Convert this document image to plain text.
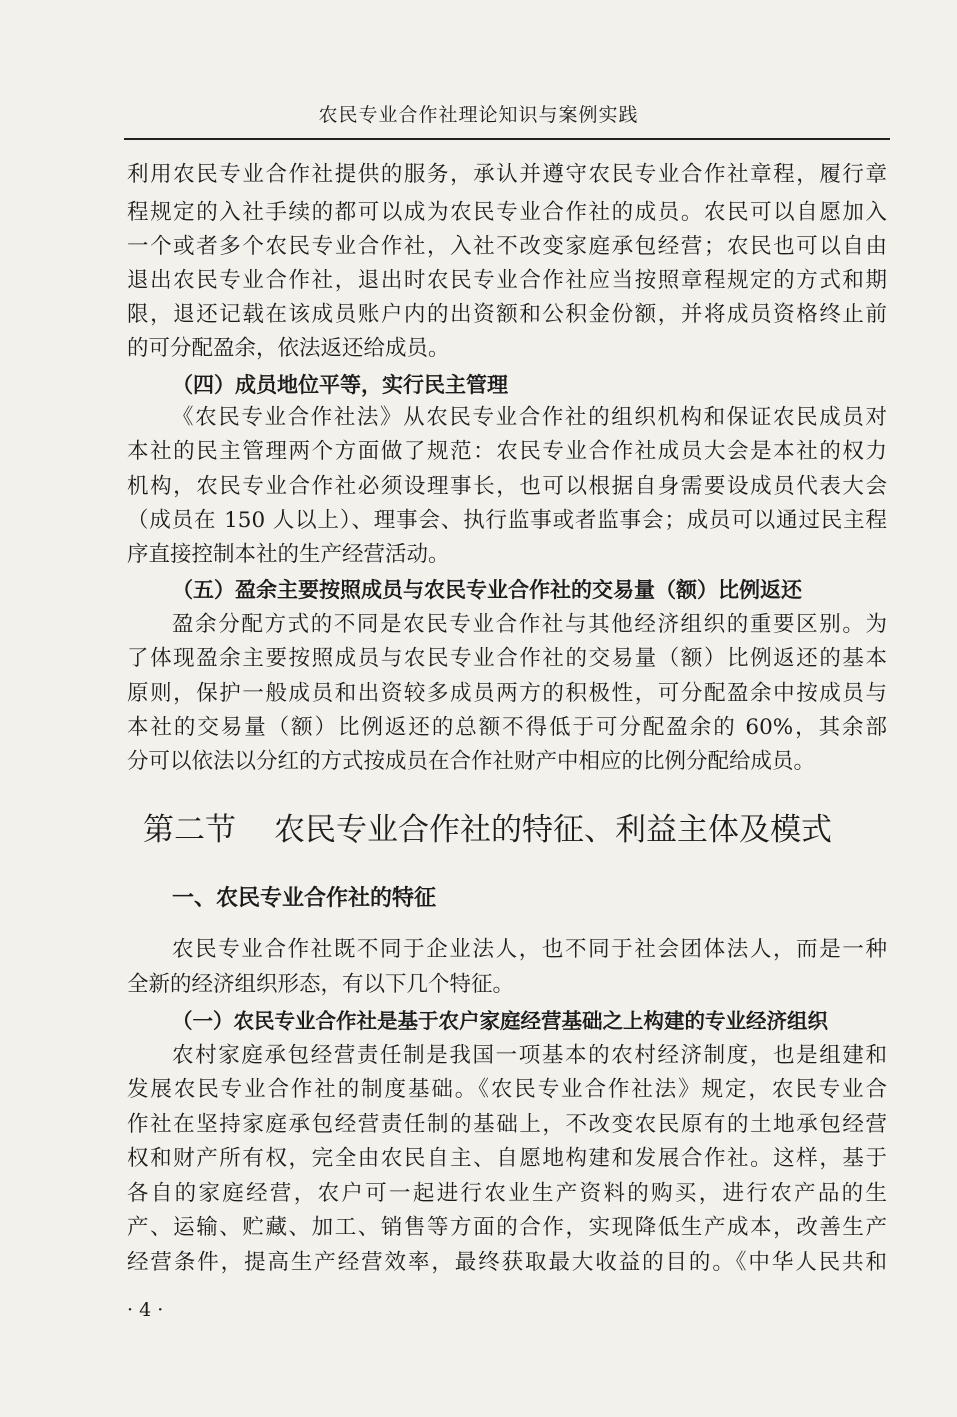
农民专业合作社理论知识与案例实践
利用农民专业合作社提供的服务，承认并遵守农民专业合作社章程，履行章
程规定的入社手续的都可以成为农民专业合作社的成员。农民可以自愿加入
一个或者多个农民专业合作社，入社不改变家庭承包经营；农民也可以自由
退出农民专业合作社，退出时农民专业合作社应当按照章程规定的方式和期
限，退还记载在该成员账户内的出资额和公积金份额，并将成员资格终止前
的可分配盈余，依法返还给成员。
（四）成员地位平等，实行民主管理
《农民专业合作社法》从农民专业合作社的组织机构和保证农民成员对
本社的民主管理两个方面做了规范：农民专业合作社成员大会是本社的权力
机构，农民专业合作社必须设理事长，也可以根据自身需要设成员代表大会
（成员在 150 人以上）、理事会、执行监事或者监事会；成员可以通过民主程
序直接控制本社的生产经营活动。
（五）盈余主要按照成员与农民专业合作社的交易量（额）比例返还
盈余分配方式的不同是农民专业合作社与其他经济组织的重要区别。为
了体现盈余主要按照成员与农民专业合作社的交易量（额）比例返还的基本
原则，保护一般成员和出资较多成员两方的积极性，可分配盈余中按成员与
本社的交易量（额）比例返还的总额不得低于可分配盈余的 60%，其余部
分可以依法以分红的方式按成员在合作社财产中相应的比例分配给成员。
第二节 农民专业合作社的特征、利益主体及模式
一、农民专业合作社的特征
农民专业合作社既不同于企业法人，也不同于社会团体法人，而是一种
全新的经济组织形态，有以下几个特征。
（一）农民专业合作社是基于农户家庭经营基础之上构建的专业经济组织
农村家庭承包经营责任制是我国一项基本的农村经济制度，也是组建和
发展农民专业合作社的制度基础。《农民专业合作社法》规定，农民专业合
作社在坚持家庭承包经营责任制的基础上，不改变农民原有的土地承包经营
权和财产所有权，完全由农民自主、自愿地构建和发展合作社。这样，基于
各自的家庭经营，农户可一起进行农业生产资料的购买，进行农产品的生
产、运输、贮藏、加工、销售等方面的合作，实现降低生产成本，改善生产
经营条件，提高生产经营效率，最终获取最大收益的目的。《中华人民共和
· 4 ·
